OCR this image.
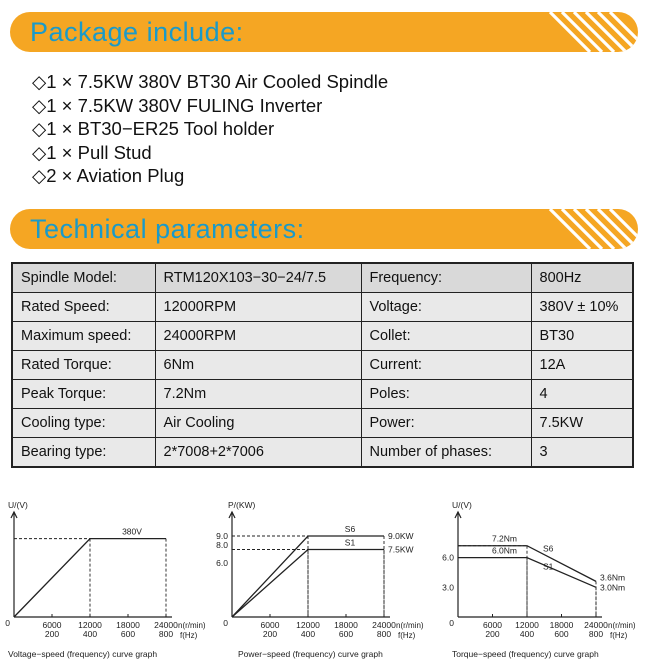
Package include:
◇1 × 7.5KW 380V BT30 Air Cooled Spindle
◇1 × 7.5KW 380V FULING Inverter
◇1 × BT30−ER25 Tool holder
◇1 × Pull Stud
◇2 × Aviation Plug
Technical parameters:
Spindle Model:	RTM120X103−30−24/7.5	Frequency:	800Hz
Rated Speed:	12000RPM	Voltage:	380V ± 10%
Maximum speed:	24000RPM	Collet:	BT30
Rated Torque:	6Nm	Current:	12A
Peak Torque:	7.2Nm	Poles:	4
Cooling type:	Air Cooling	Power:	7.5KW
Bearing type:	2*7008+2*7006	Number of phases:	3
U/(V)
0	6000
200
12000
400
18000
600
24000
800
n(r/min)
f(Hz)
380V
Voltage−speed (frequency) curve graph
P/(KW)
0	6000
200
12000
400
18000
600
24000
800
n(r/min)
f(Hz)
9.0
8.0
6.0
S6
9.0KW
S1
7.5KW
Power−speed (frequency) curve graph
U/(V)
0	6000
200
12000
400
18000
600
24000
800
n(r/min)
f(Hz)
6.0
3.0
7.2Nm
S6
3.6Nm
6.0Nm
S1
3.0Nm
Torque−speed (frequency) curve graph
